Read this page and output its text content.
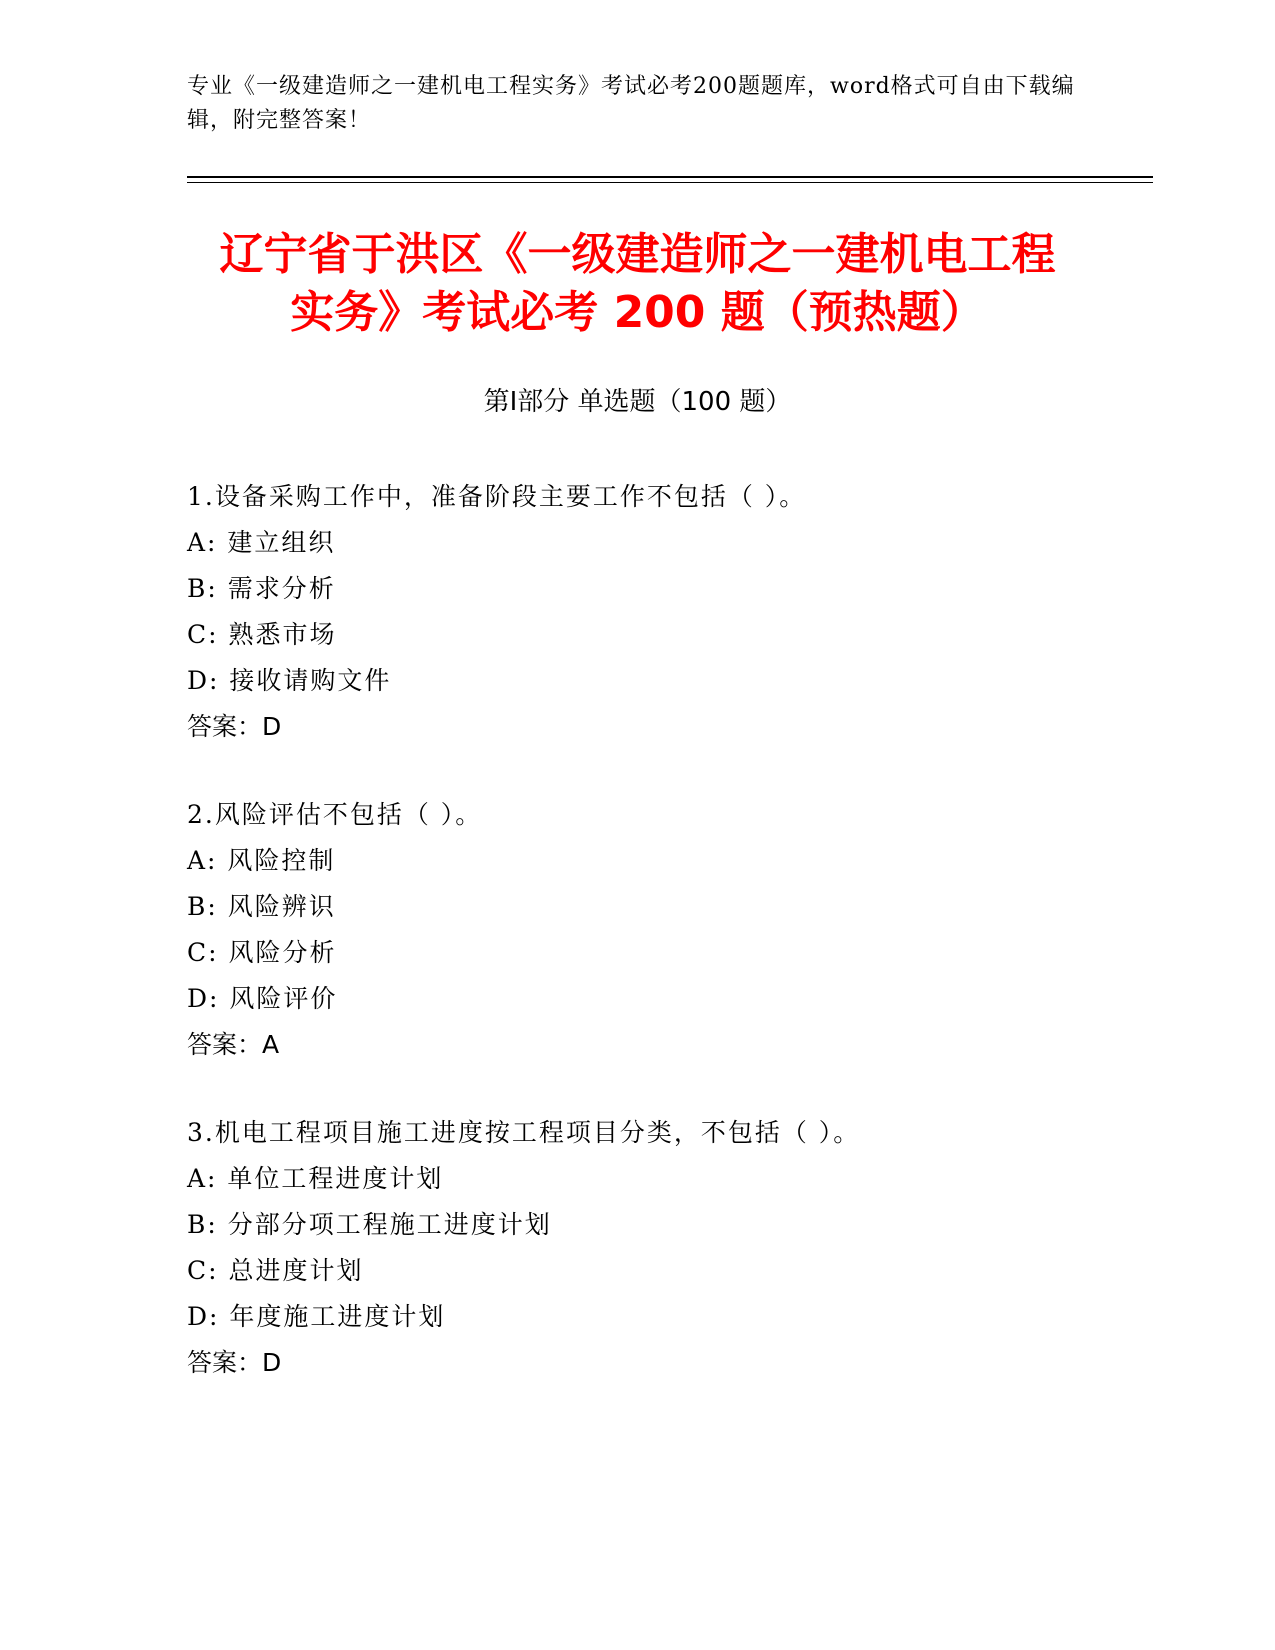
专业《一级建造师之一建机电工程实务》考试必考200题题库，word格式可自由下载编辑，附完整答案！
辽宁省于洪区《一级建造师之一建机电工程
实务》考试必考 200 题（预热题）
第Ⅰ部分 单选题（100 题）
1.设备采购工作中，准备阶段主要工作不包括（ ）。
A: 建立组织
B: 需求分析
C: 熟悉市场
D: 接收请购文件
答案：D
2.风险评估不包括（ ）。
A: 风险控制
B: 风险辨识
C: 风险分析
D: 风险评价
答案：A
3.机电工程项目施工进度按工程项目分类，不包括（ ）。
A: 单位工程进度计划
B: 分部分项工程施工进度计划
C: 总进度计划
D: 年度施工进度计划
答案：D
